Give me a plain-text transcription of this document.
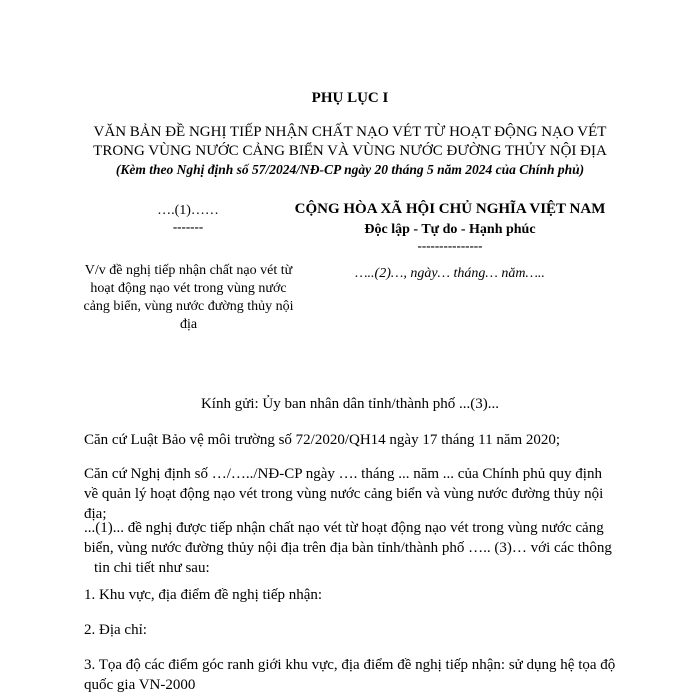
PHỤ LỤC I
VĂN BẢN ĐỀ NGHỊ TIẾP NHẬN CHẤT NẠO VÉT TỪ HOẠT ĐỘNG NẠO VÉT
TRONG VÙNG NƯỚC CẢNG BIỂN VÀ VÙNG NƯỚC ĐƯỜNG THỦY NỘI ĐỊA
(Kèm theo Nghị định số 57/2024/NĐ-CP ngày 20 tháng 5 năm 2024 của Chính phủ)
….(1)……
-------
V/v đề nghị tiếp nhận chất nạo vét từ hoạt động nạo vét trong vùng nước cảng biển, vùng nước đường thủy nội địa
CỘNG HÒA XÃ HỘI CHỦ NGHĨA VIỆT NAM
Độc lập - Tự do - Hạnh phúc
---------------
…..(2)…, ngày… tháng… năm…..
Kính gửi: Ủy ban nhân dân tỉnh/thành phố ...(3)...
Căn cứ Luật Bảo vệ môi trường số 72/2020/QH14 ngày 17 tháng 11 năm 2020;
Căn cứ Nghị định số …/…../NĐ-CP ngày …. tháng ... năm ... của Chính phủ quy định về quản lý hoạt động nạo vét trong vùng nước cảng biển và vùng nước đường thủy nội địa;
...(1)... đề nghị được tiếp nhận chất nạo vét từ hoạt động nạo vét trong vùng nước cảng biển, vùng nước đường thủy nội địa trên địa bàn tỉnh/thành phố ….. (3)… với các thông
tin chi tiết như sau:
1. Khu vực, địa điểm đề nghị tiếp nhận:
2. Địa chỉ:
3. Tọa độ các điểm góc ranh giới khu vực, địa điểm đề nghị tiếp nhận: sử dụng hệ tọa độ quốc gia VN-2000
